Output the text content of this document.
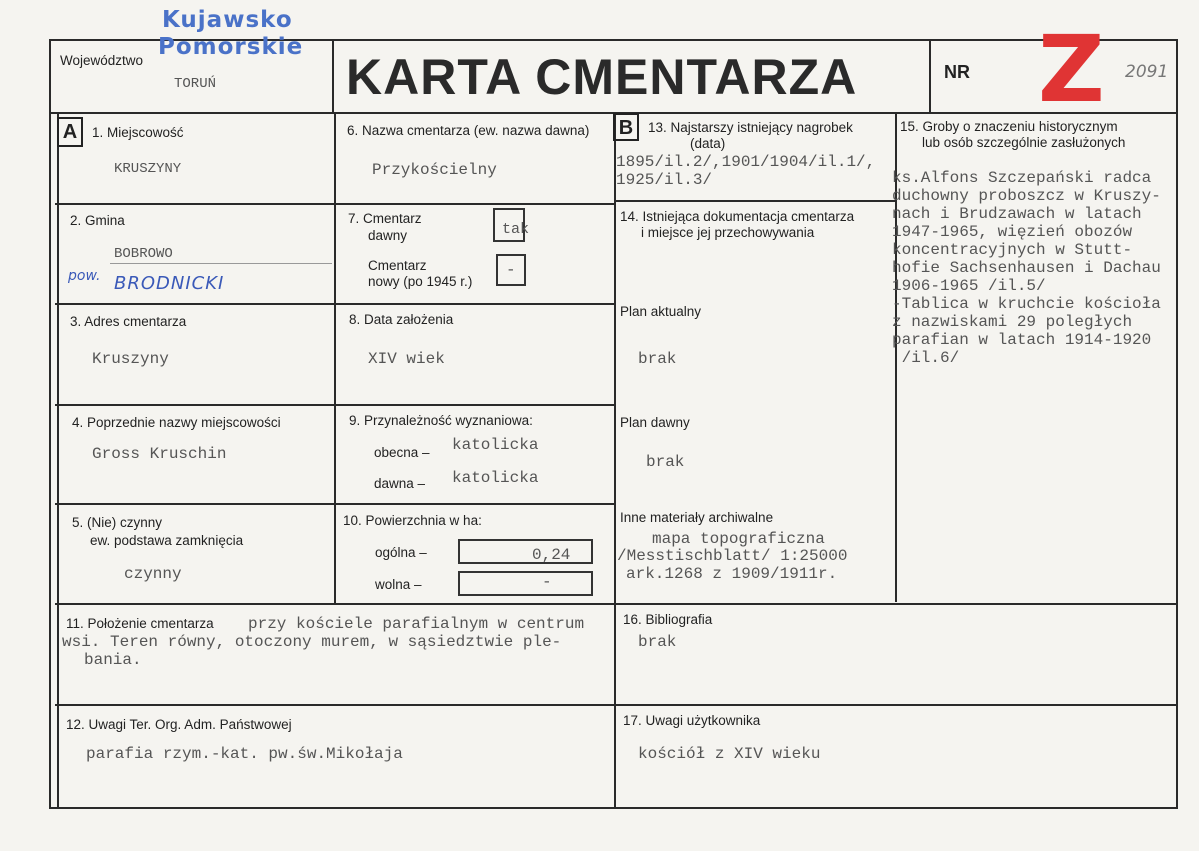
Województwo
Kujawsko
Pomorskie
TORUŃ	KARTA CMENTARZA	NR Z 2091
A	B
1. Miejscowość
KRUSZYNY
2. Gmina
BOBROWO
pow. BRODNICKI
3. Adres cmentarza
Kruszyny
4. Poprzednie nazwy miejscowości
Gross Kruschin
5. (Nie) czynny
ew. podstawa zamknięcia
czynny
6. Nazwa cmentarza (ew. nazwa dawna)
Przykościelny
7. Cmentarz
dawny	tak
Cmentarz
nowy (po 1945 r.)
-
8. Data założenia
XIV wiek
9. Przynależność wyznaniowa:
obecna – katolicka
dawna – katolicka
10. Powierzchnia w ha:
ogólna –	0,24
wolna –	-
11. Położenie cmentarza przy kościele parafialnym w centrum
wsi. Teren równy, otoczony murem, w sąsiedztwie ple-
bania.
12. Uwagi Ter. Org. Adm. Państwowej
parafia rzym.-kat. pw.św.Mikołaja
13. Najstarszy istniejący nagrobek
(data)
1895/il.2/,1901/1904/il.1/,
1925/il.3/
14. Istniejąca dokumentacja cmentarza
i miejsce jej przechowywania
Plan aktualny
brak
Plan dawny
brak
Inne materiały archiwalne
mapa topograficzna
/Messtischblatt/ 1:25000
ark.1268 z 1909/1911r.
15. Groby o znaczeniu historycznym
lub osób szczególnie zasłużonych
ks.Alfons Szczepański radca
duchowny proboszcz w Kruszy-
nach i Brudzawach w latach
1947-1965, więzień obozów
koncentracyjnych w Stutt-
hofie Sachsenhausen i Dachau
1906-1965 /il.5/
-Tablica w kruchcie kościoła
z nazwiskami 29 poległych
parafian w latach 1914-1920
/il.6/
16. Bibliografia
brak
17. Uwagi użytkownika
kościół z XIV wieku
